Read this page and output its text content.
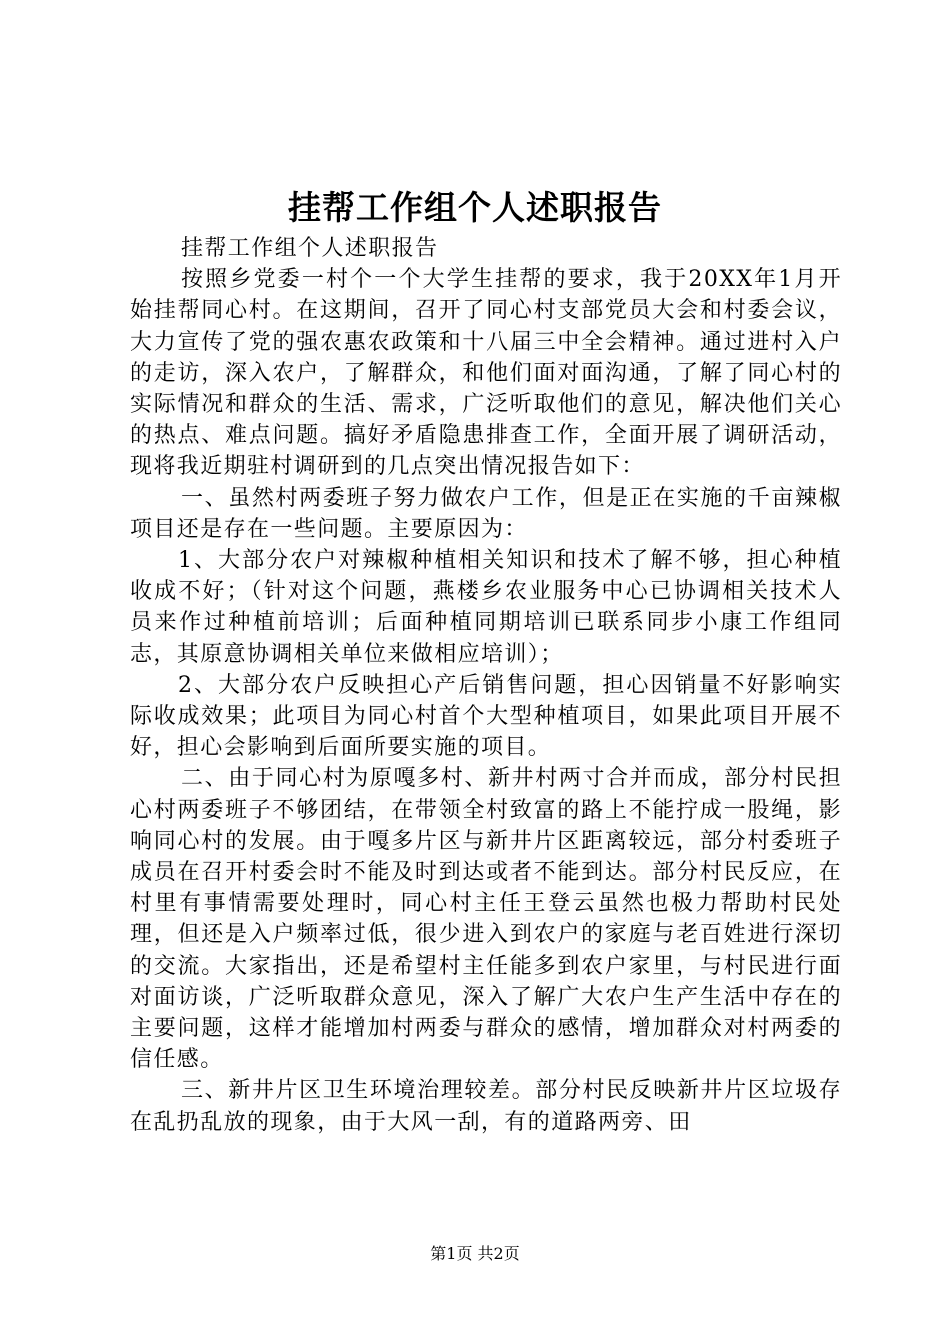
挂帮工作组个人述职报告

挂帮工作组个人述职报告

按照乡党委一村个一个大学生挂帮的要求，我于20XX年1月开始挂帮同心村。在这期间，召开了同心村支部党员大会和村委会议，大力宣传了党的强农惠农政策和十八届三中全会精神。通过进村入户的走访，深入农户，了解群众，和他们面对面沟通，了解了同心村的实际情况和群众的生活、需求，广泛听取他们的意见，解决他们关心的热点、难点问题。搞好矛盾隐患排查工作，全面开展了调研活动，现将我近期驻村调研到的几点突出情况报告如下：

一、虽然村两委班子努力做农户工作，但是正在实施的千亩辣椒项目还是存在一些问题。主要原因为：

1、大部分农户对辣椒种植相关知识和技术了解不够，担心种植收成不好；（针对这个问题，燕楼乡农业服务中心已协调相关技术人员来作过种植前培训；后面种植同期培训已联系同步小康工作组同志，其原意协调相关单位来做相应培训）；

2、大部分农户反映担心产后销售问题，担心因销量不好影响实际收成效果；此项目为同心村首个大型种植项目，如果此项目开展不好，担心会影响到后面所要实施的项目。

二、由于同心村为原嘎多村、新井村两寸合并而成，部分村民担心村两委班子不够团结，在带领全村致富的路上不能拧成一股绳，影响同心村的发展。由于嘎多片区与新井片区距离较远，部分村委班子成员在召开村委会时不能及时到达或者不能到达。部分村民反应，在村里有事情需要处理时，同心村主任王登云虽然也极力帮助村民处理，但还是入户频率过低，很少进入到农户的家庭与老百姓进行深切的交流。大家指出，还是希望村主任能多到农户家里，与村民进行面对面访谈，广泛听取群众意见，深入了解广大农户生产生活中存在的主要问题，这样才能增加村两委与群众的感情，增加群众对村两委的信任感。

三、新井片区卫生环境治理较差。部分村民反映新井片区垃圾存在乱扔乱放的现象，由于大风一刮，有的道路两旁、田

第1页 共2页
